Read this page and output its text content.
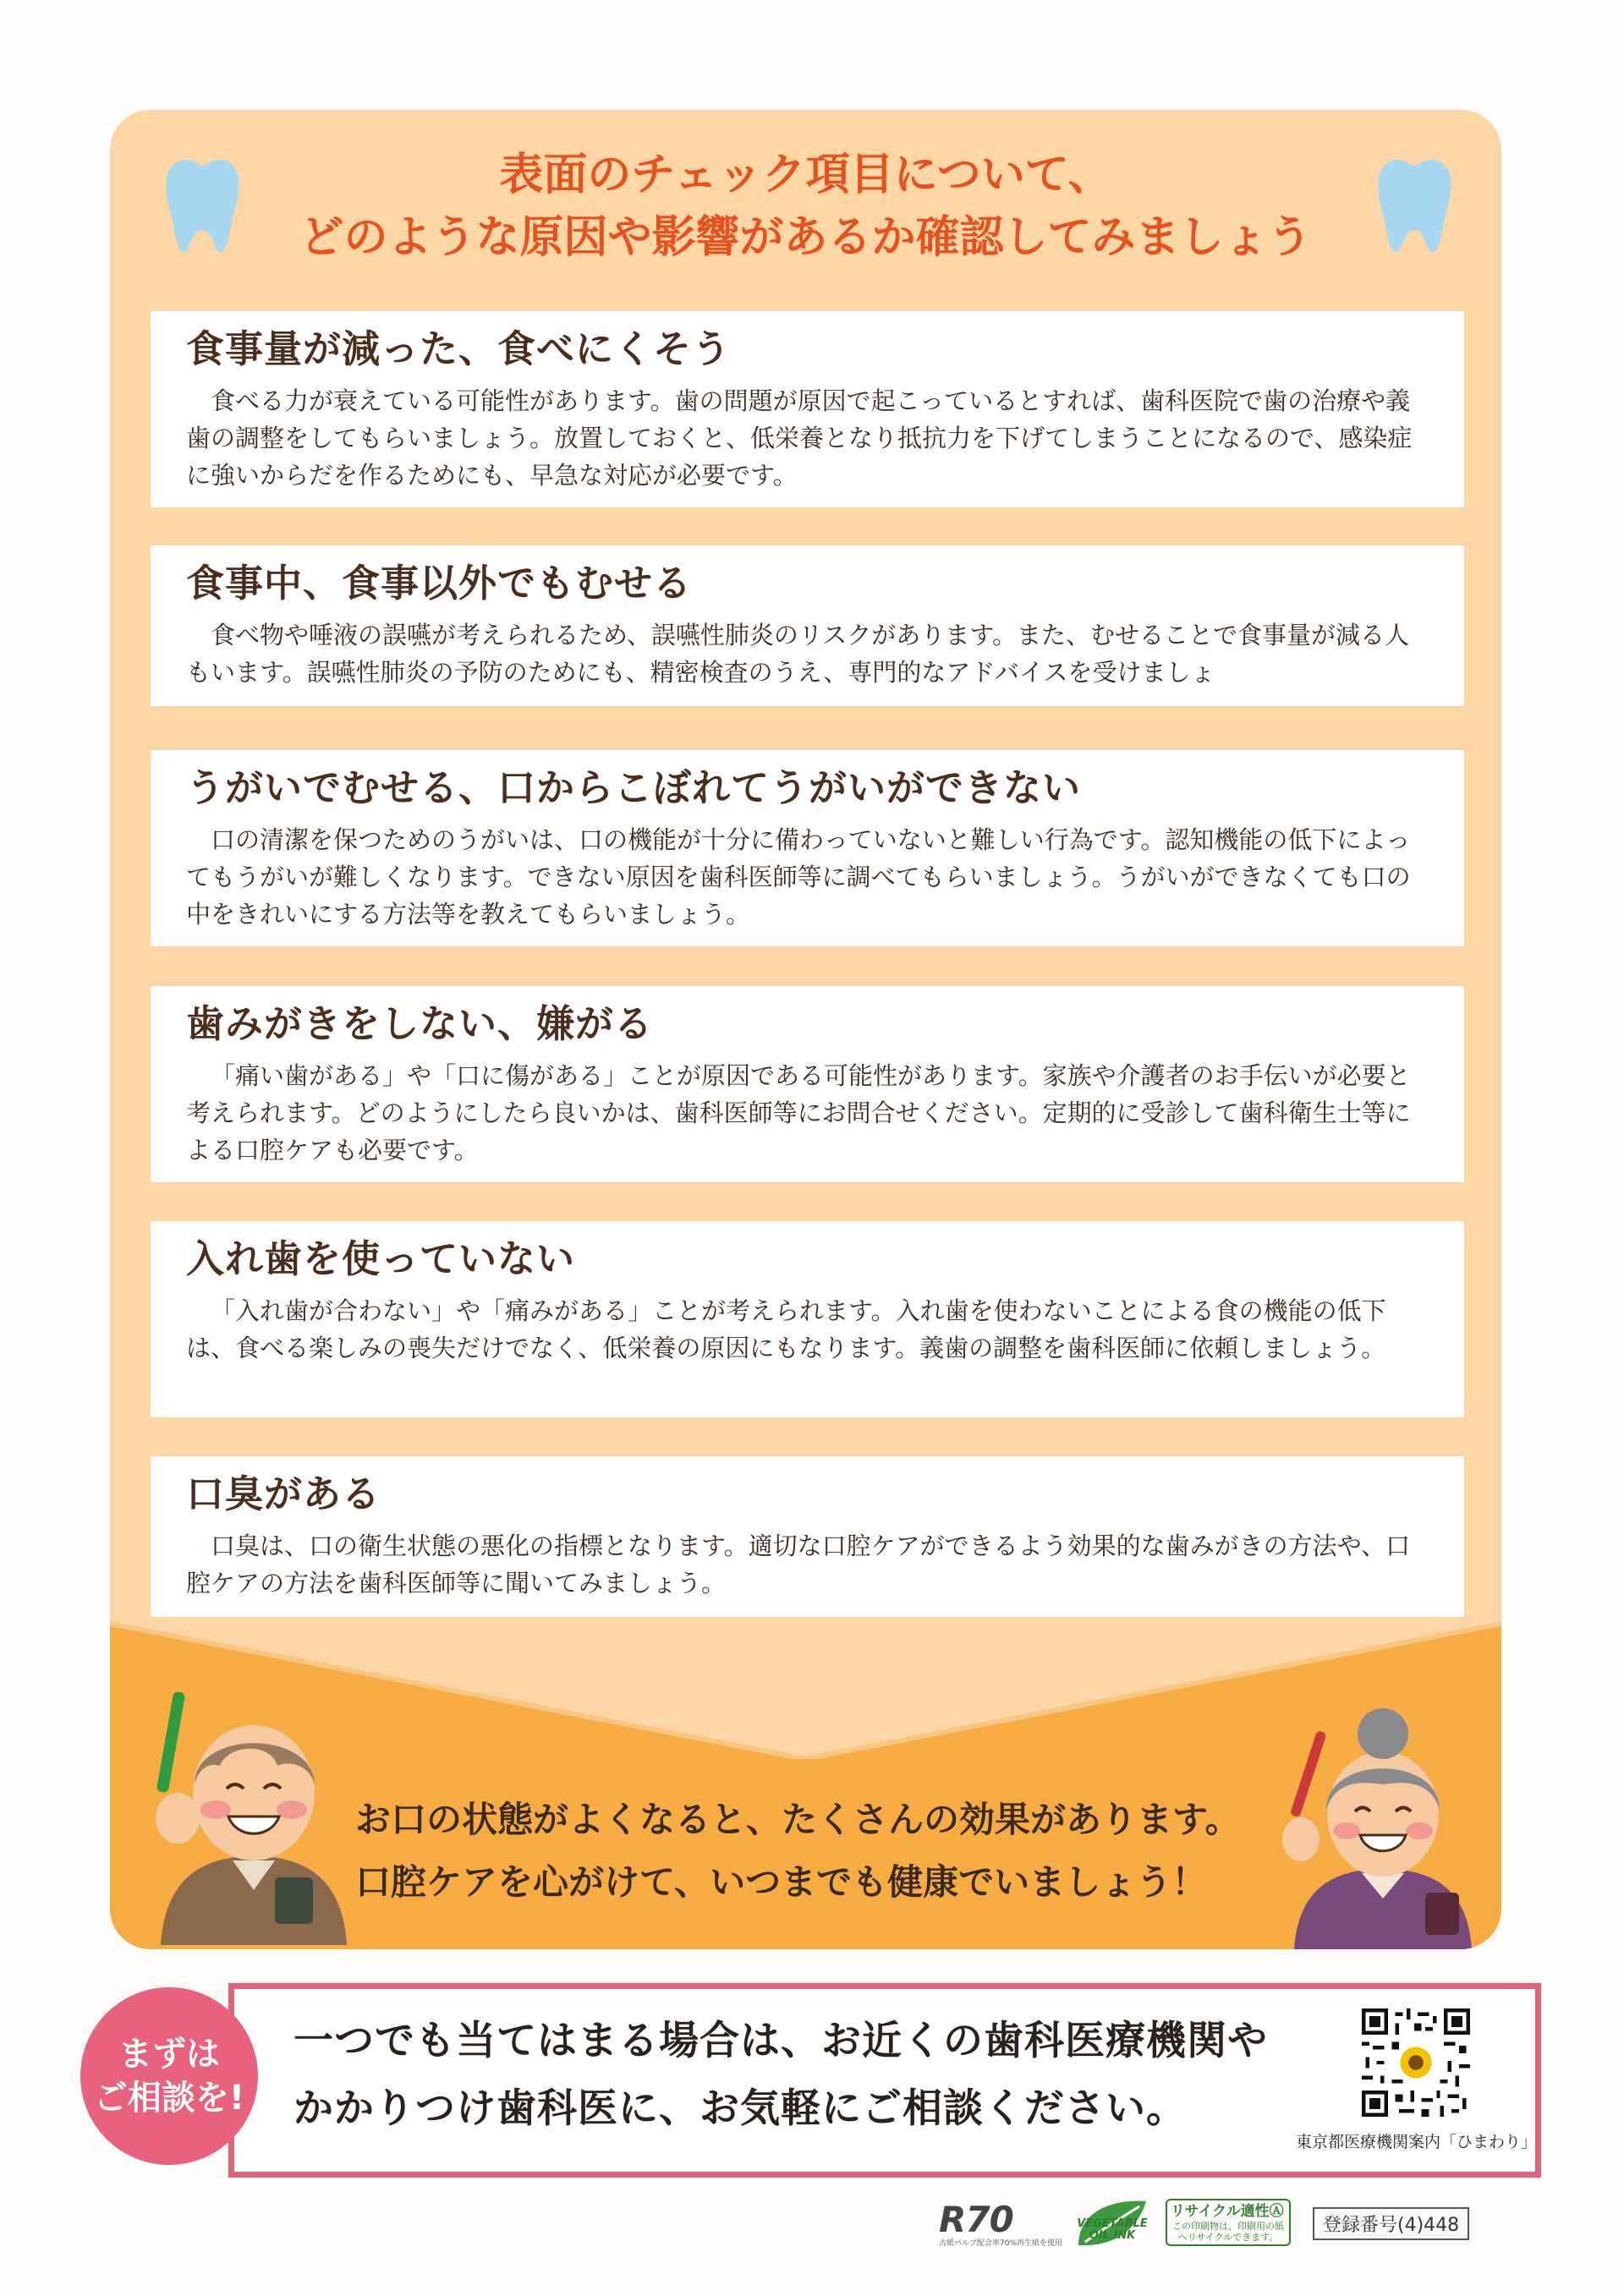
表面のチェック項目について、
どのような原因や影響があるか確認してみましょう
食事量が減った、食べにくそう

食べる力が衰えている可能性があります。歯の問題が原因で起こっているとすれば、歯科医院で歯の治療や義歯の調整をしてもらいましょう。放置しておくと、低栄養となり抵抗力を下げてしまうことになるので、感染症に強いからだを作るためにも、早急な対応が必要です。

食事中、食事以外でもむせる

食べ物や唾液の誤嚥が考えられるため、誤嚥性肺炎のリスクがあります。また、むせることで食事量が減る人もいます。誤嚥性肺炎の予防のためにも、精密検査のうえ、専門的なアドバイスを受けましょ

うがいでむせる、口からこぼれてうがいができない

口の清潔を保つためのうがいは、口の機能が十分に備わっていないと難しい行為です。認知機能の低下によってもうがいが難しくなります。できない原因を歯科医師等に調べてもらいましょう。うがいができなくても口の中をきれいにする方法等を教えてもらいましょう。

歯みがきをしない、嫌がる

「痛い歯がある」や「口に傷がある」ことが原因である可能性があります。家族や介護者のお手伝いが必要と考えられます。どのようにしたら良いかは、歯科医師等にお問合せください。定期的に受診して歯科衛生士等による口腔ケアも必要です。

入れ歯を使っていない

「入れ歯が合わない」や「痛みがある」ことが考えられます。入れ歯を使わないことによる食の機能の低下は、食べる楽しみの喪失だけでなく、低栄養の原因にもなります。義歯の調整を歯科医師に依頼しましょう。

口臭がある

口臭は、口の衛生状態の悪化の指標となります。適切な口腔ケアができるよう効果的な歯みがきの方法や、口腔ケアの方法を歯科医師等に聞いてみましょう。

お口の状態がよくなると、たくさんの効果があります。
口腔ケアを心がけて、いつまでも健康でいましょう！
一つでも当てはまる場合は、お近くの歯科医療機関や
かかりつけ歯科医に、お気軽にご相談ください。
まずは
ご相談を!
東京都医療機関案内「ひまわり」
R70
古紙パルプ配合率70%再生紙を使用
VEGETABLE OIL INK
リサイクル適性Ⓐ
この印刷物は、印刷用の紙へリサイクルできます。
登録番号(4)448
